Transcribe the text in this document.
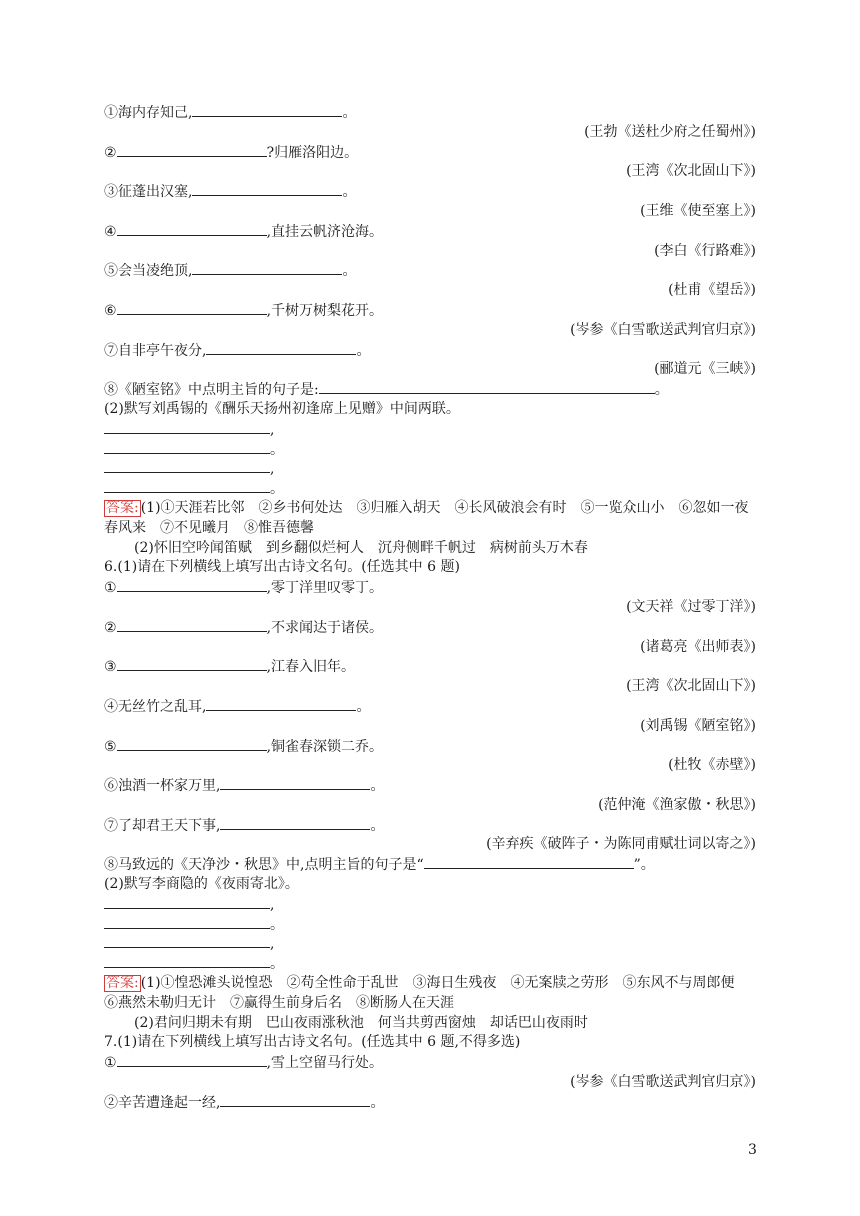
①海内存知己,	。
(王勃《送杜少府之任蜀州》)
②	?归雁洛阳边。
(王湾《次北固山下》)
③征蓬出汉塞,	。
(王维《使至塞上》)
④	,直挂云帆济沧海。
(李白《行路难》)
⑤会当凌绝顶,	。
(杜甫《望岳》)
⑥	,千树万树梨花开。
(岑参《白雪歌送武判官归京》)
⑦自非亭午夜分,	。
(郦道元《三峡》)
⑧《陋室铭》中点明主旨的句子是:	。
(2)默写刘禹锡的《酬乐天扬州初逢席上见赠》中间两联。
,
。
,
。
答案: (1)①天涯若比邻　②乡书何处达　③归雁入胡天　④长风破浪会有时　⑤一览众山小　⑥忽如一夜春风来　⑦不见曦月　⑧惟吾德馨
(2)怀旧空吟闻笛赋　到乡翻似烂柯人　沉舟侧畔千帆过　病树前头万木春
6.(1)请在下列横线上填写出古诗文名句。(任选其中 6 题)
①	,零丁洋里叹零丁。
(文天祥《过零丁洋》)
②	,不求闻达于诸侯。
(诸葛亮《出师表》)
③	,江春入旧年。
(王湾《次北固山下》)
④无丝竹之乱耳,	。
(刘禹锡《陋室铭》)
⑤	,铜雀春深锁二乔。
(杜牧《赤壁》)
⑥浊酒一杯家万里,	。
(范仲淹《渔家傲・秋思》)
⑦了却君王天下事,	。
(辛弃疾《破阵子・为陈同甫赋壮词以寄之》)
⑧马致远的《天净沙・秋思》中,点明主旨的句子是“	”。
(2)默写李商隐的《夜雨寄北》。
,
。
,
。
答案: (1)①惶恐滩头说惶恐　②苟全性命于乱世　③海日生残夜　④无案牍之劳形　⑤东风不与周郎便　⑥燕然未勒归无计　⑦赢得生前身后名　⑧断肠人在天涯
(2)君问归期未有期　巴山夜雨涨秋池　何当共剪西窗烛　却话巴山夜雨时
7.(1)请在下列横线上填写出古诗文名句。(任选其中 6 题,不得多选)
①	,雪上空留马行处。
(岑参《白雪歌送武判官归京》)
②辛苦遭逢起一经,	。
3
